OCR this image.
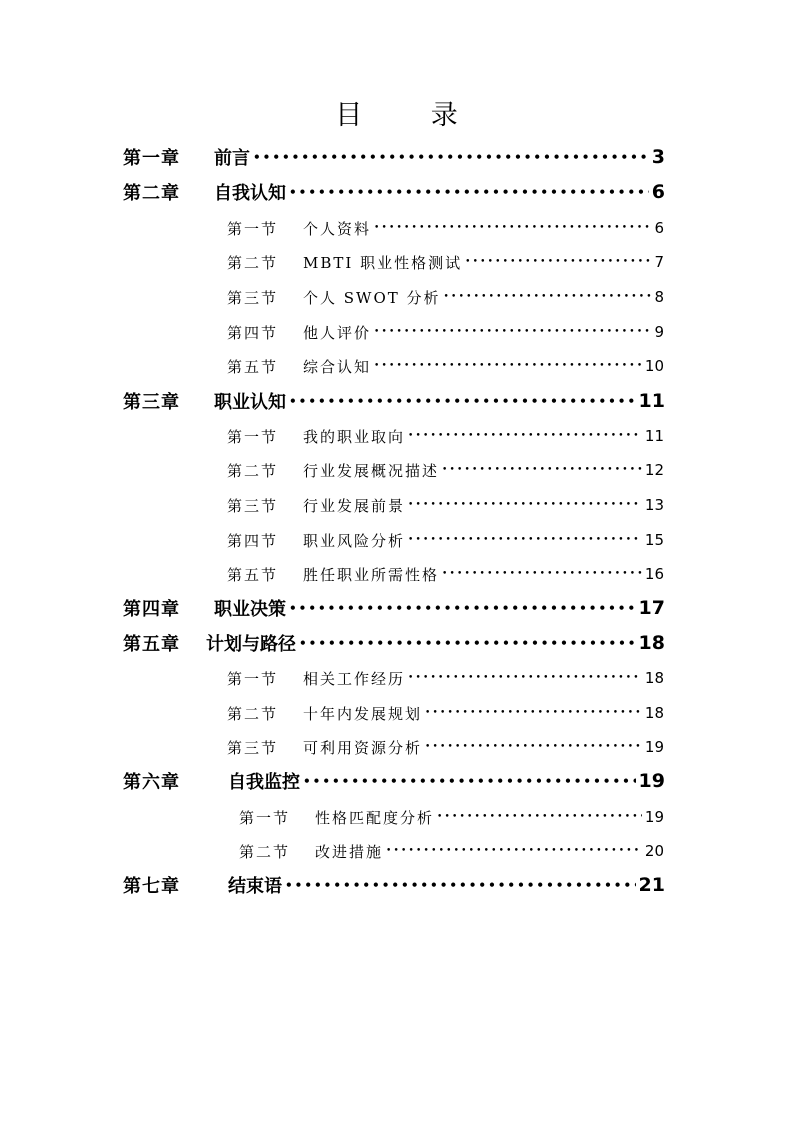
目 录
第一章	前言 •••••	3
第二章	自我认知 •••••	6
第一节	个人资料 •••••	6
第二节	MBTI 职业性格测试 •••••	7
第三节	个人 SWOT 分析 •••••	8
第四节	他人评价 •••••	9
第五节	综合认知 •••••	10
第三章	职业认知 •••••	11
第一节	我的职业取向 •••••	11
第二节	行业发展概况描述 •••••	12
第三节	行业发展前景 •••••	13
第四节	职业风险分析 •••••	15
第五节	胜任职业所需性格 •••••	16
第四章	职业决策 •••••	17
第五章	计划与路径 •••••	18
第一节	相关工作经历 •••••	18
第二节	十年内发展规划 •••••	18
第三节	可利用资源分析 •••••	19
第六章	自我监控 •••••	19
第一节	性格匹配度分析 •••••	19
第二节	改进措施 •••••	20
第七章	结束语 •••••	21
